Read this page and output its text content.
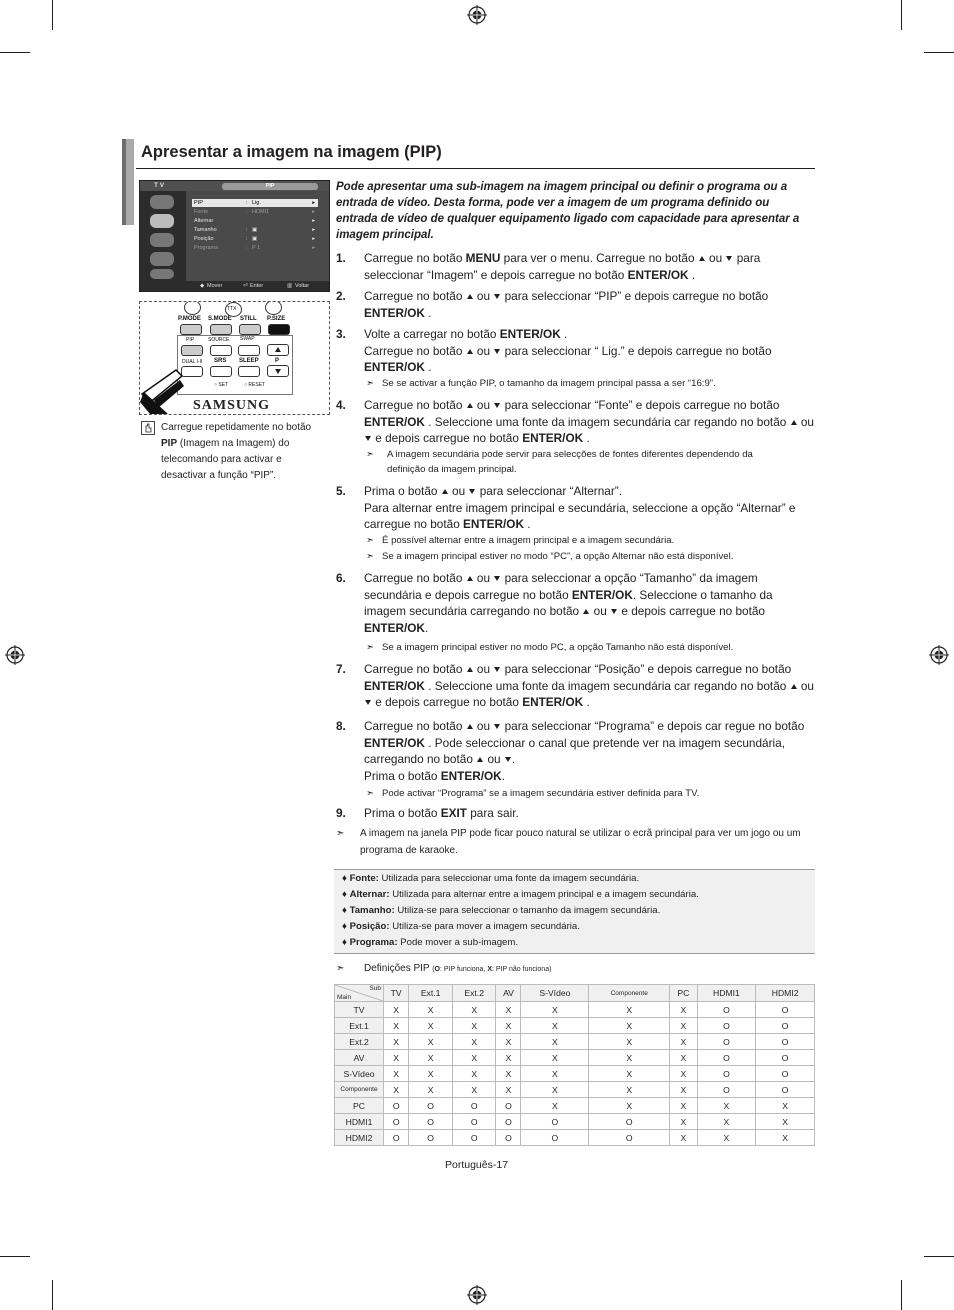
Apresentar a imagem na imagem (PIP)
T V	PIP
PIP	: Lig.	▸
Fonte	: HDMI1	▸
Alternar	▸
Tamanho	: ▣	▸
Posição	: ▣	▸
Programa	: P 1	▸
◆ Mover	⏎ Enter	▥ Voltar
TTX
P.MODE S.MODE STILL P.SIZE
PIP	SOURCE SWAP
DUAL I-II SRS SLEEP	P
○ SET	○ RESET
SAMSUNG
Carregue repetidamente no botão PIP (Imagem na Imagem) do telecomando para activar e desactivar a função “PIP”.
Pode apresentar uma sub-imagem na imagem principal ou definir o programa ou a entrada de vídeo. Desta forma, pode ver a imagem de um programa definido ou entrada de vídeo de qualquer equipamento ligado com capacidade para apresentar a imagem principal.
1. Carregue no botão MENU para ver o menu. Carregue no botão  ou  para seleccionar “Imagem” e depois carregue no botão ENTER/OK .
2. Carregue no botão  ou  para seleccionar “PIP” e depois carregue no botão ENTER/OK .
3. Volte a carregar no botão ENTER/OK .
Carregue no botão  ou  para seleccionar “ Lig.” e depois carregue no botão ENTER/OK .
➣ Se se activar a função PIP, o tamanho da imagem principal passa a ser “16:9”.
4. Carregue no botão  ou  para seleccionar “Fonte” e depois carregue no botão ENTER/OK . Seleccione uma fonte da imagem secundária car regando no botão  ou  e depois carregue no botão ENTER/OK .
➣	A imagem secundária pode servir para selecções de fontes diferentes dependendo da definição da imagem principal.
5. Prima o botão  ou  para seleccionar “Alternar”.
Para alternar entre imagem principal e secundária, seleccione a opção “Alternar” e carregue no botão ENTER/OK .
➣ É possível alternar entre a imagem principal e a imagem secundária.
➣ Se a imagem principal estiver no modo “PC”, a opção Alternar não está disponível.
6. Carregue no botão  ou  para seleccionar a opção “Tamanho” da imagem secundária e depois carregue no botão ENTER/OK. Seleccione o tamanho da imagem secundária carregando no botão  ou  e depois carregue no botão ENTER/OK.
➣ Se a imagem principal estiver no modo PC, a opção Tamanho não está disponível.
7. Carregue no botão  ou  para seleccionar “Posição” e depois carregue no botão ENTER/OK . Seleccione uma fonte da imagem secundária car regando no botão  ou  e depois carregue no botão ENTER/OK .
8. Carregue no botão  ou  para seleccionar “Programa” e depois car regue no botão ENTER/OK . Pode seleccionar o canal que pretende ver na imagem secundária, carregando no botão  ou .
Prima o botão ENTER/OK.
➣ Pode activar “Programa” se a imagem secundária estiver definida para TV.
9. Prima o botão EXIT para sair.
➣	A imagem na janela PIP pode ficar pouco natural se utilizar o ecrã principal para ver um jogo ou um programa de karaoke.
♦ Fonte: Utilizada para seleccionar uma fonte da imagem secundária.
♦ Alternar: Utilizada para alternar entre a imagem principal e a imagem secundária.
♦ Tamanho: Utiliza-se para seleccionar o tamanho da imagem secundária.
♦ Posição: Utiliza-se para mover a imagem secundária.
♦ Programa: Pode mover a sub-imagem.
➣ Definições PIP (O: PIP funciona, X: PIP não funciona)
Sub
Main	TV	Ext.1	Ext.2	AV	S-Vídeo	Componente	PC	HDMI1	HDMI2
TV	X	X	X	X	X	X	X	O	O
Ext.1	X	X	X	X	X	X	X	O	O
Ext.2	X	X	X	X	X	X	X	O	O
AV	X	X	X	X	X	X	X	O	O
S-Vídeo	X	X	X	X	X	X	X	O	O
Componente	X	X	X	X	X	X	X	O	O
PC	O	O	O	O	X	X	X	X	X
HDMI1	O	O	O	O	O	O	X	X	X
HDMI2	O	O	O	O	O	O	X	X	X
Português-17
